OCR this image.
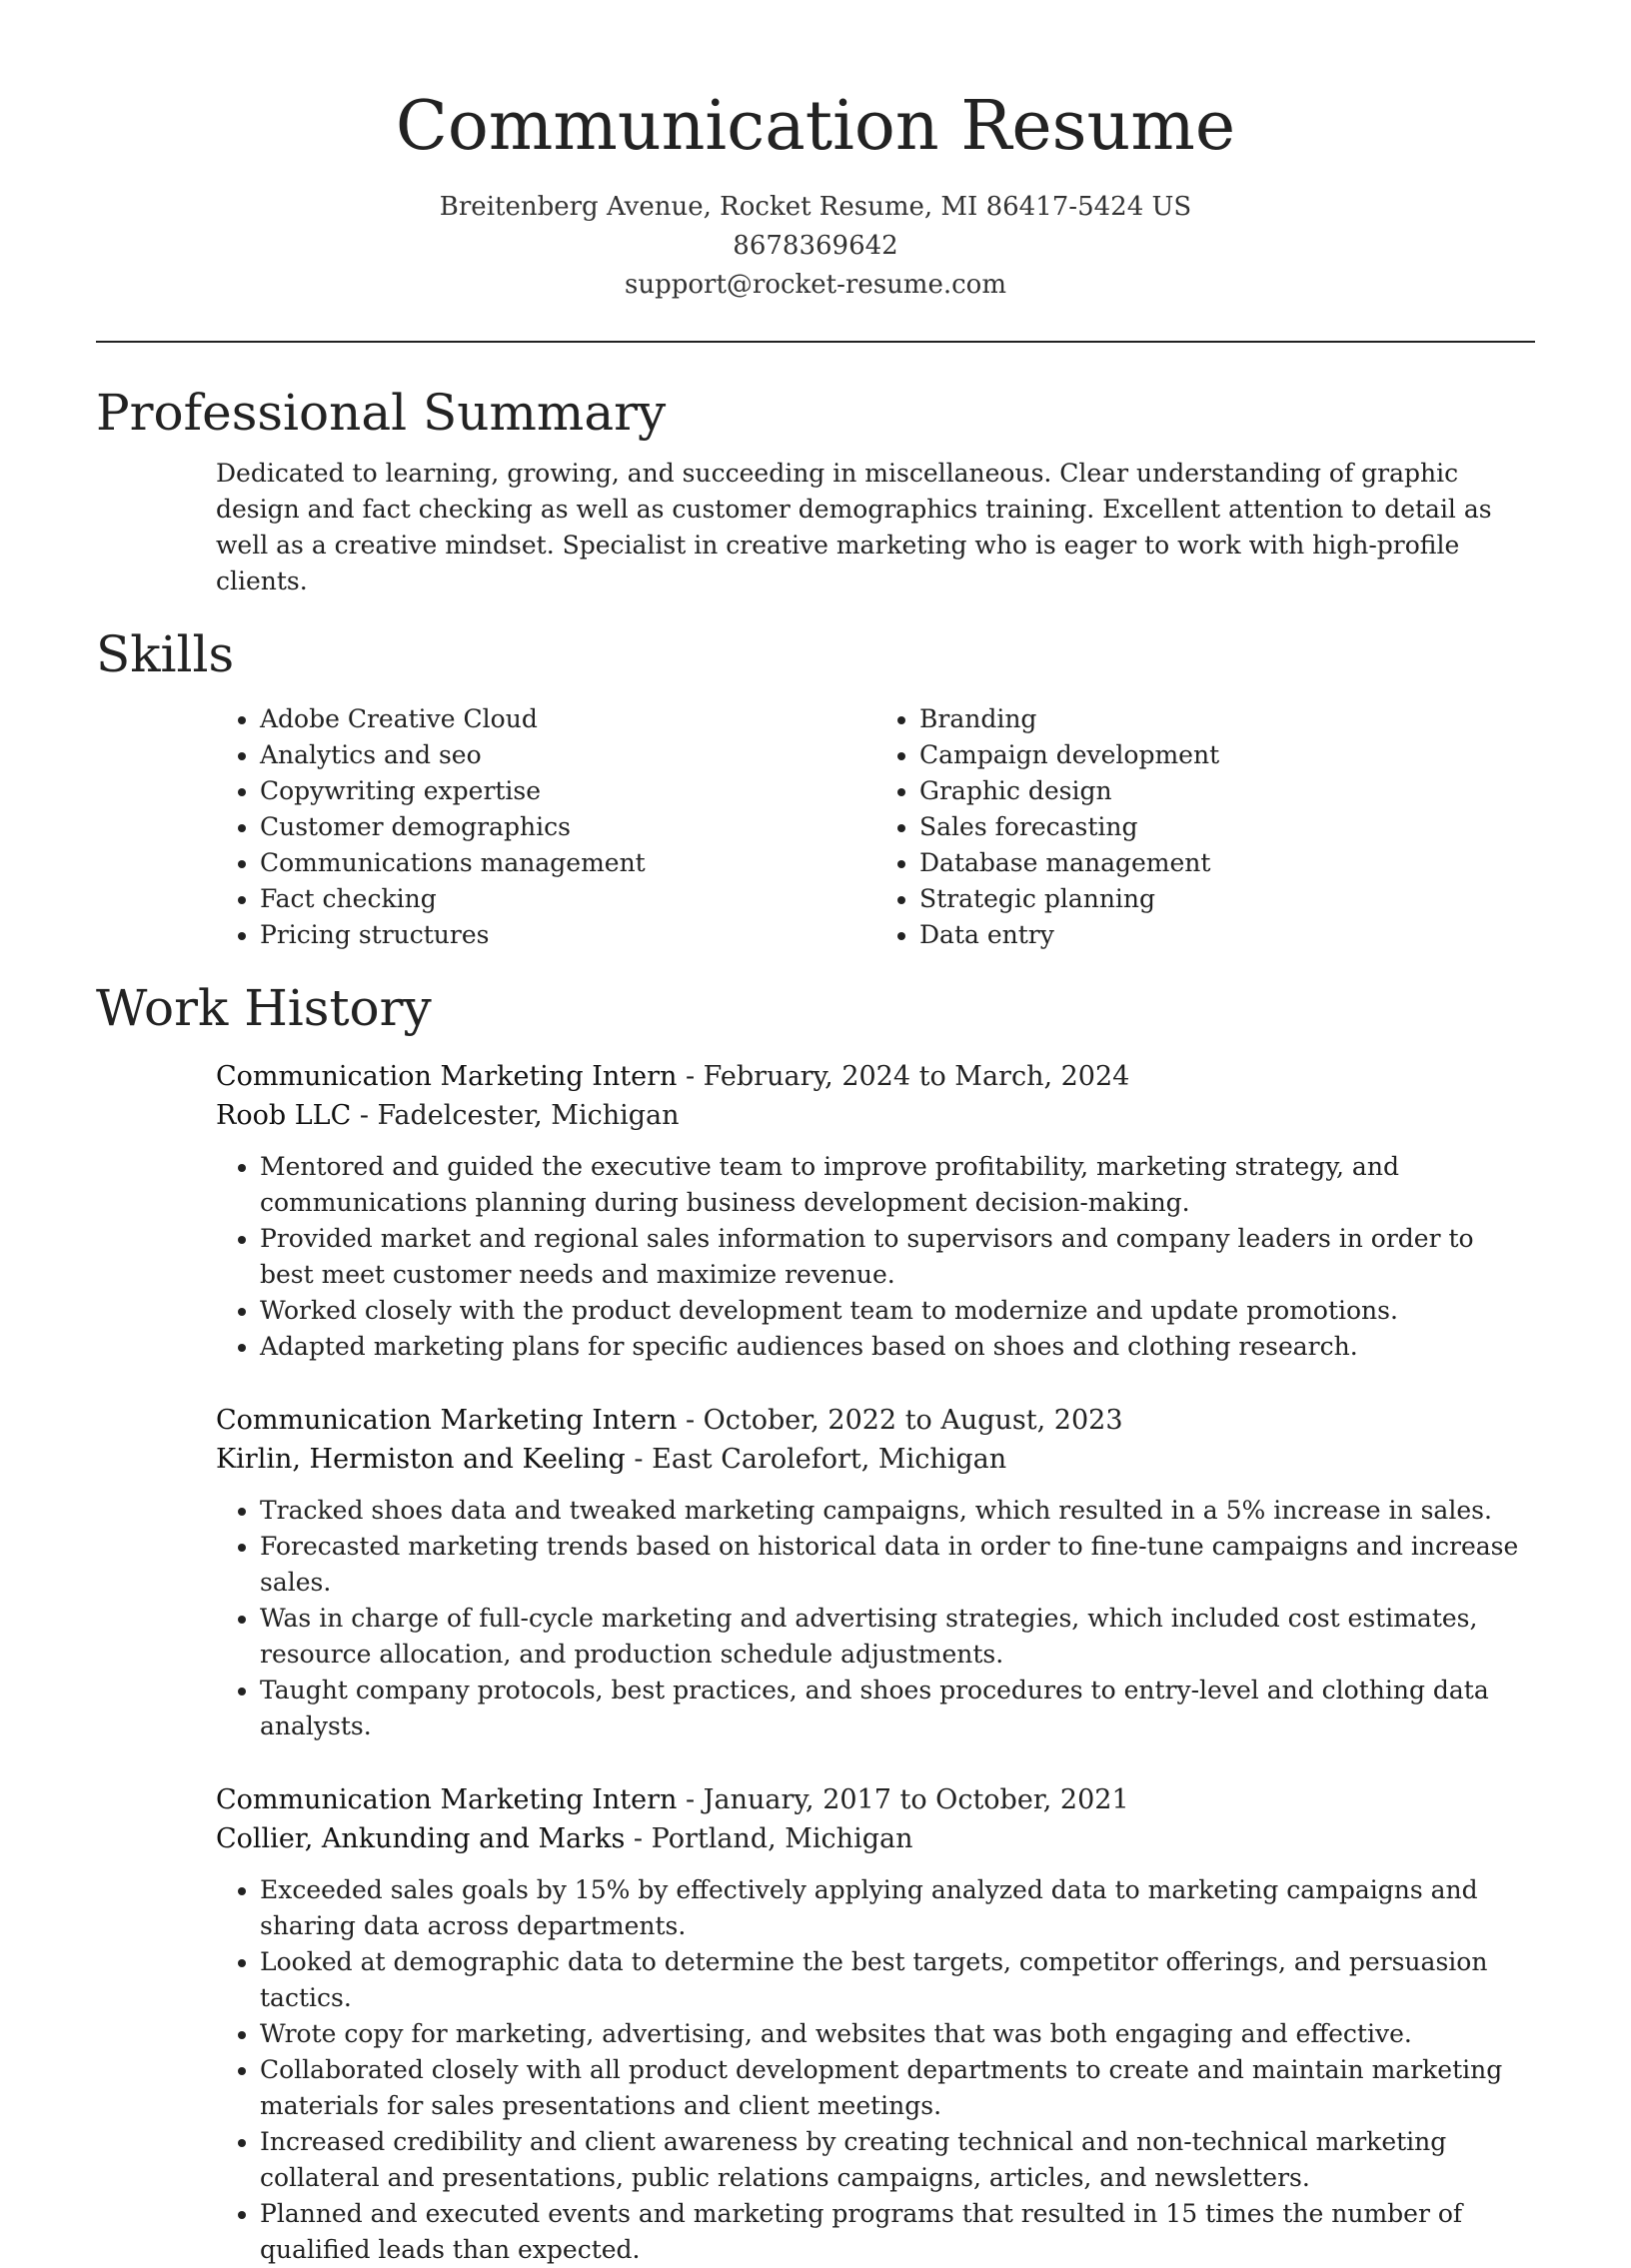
Communication Resume
Breitenberg Avenue, Rocket Resume, MI 86417-5424 US
8678369642
support@rocket-resume.com
Professional Summary

Dedicated to learning, growing, and succeeding in miscellaneous. Clear understanding of graphic design and fact checking as well as customer demographics training. Excellent attention to detail as well as a creative mindset. Specialist in creative marketing who is eager to work with high-profile clients.

Skills
• Adobe Creative Cloud
• Analytics and seo
• Copywriting expertise
• Customer demographics
• Communications management
• Fact checking
• Pricing structures
• Branding
• Campaign development
• Graphic design
• Sales forecasting
• Database management
• Strategic planning
• Data entry
Work History
Communication Marketing Intern - February, 2024 to March, 2024
Roob LLC - Fadelcester, Michigan
• Mentored and guided the executive team to improve profitability, marketing strategy, and communications planning during business development decision-making.
• Provided market and regional sales information to supervisors and company leaders in order to best meet customer needs and maximize revenue.
• Worked closely with the product development team to modernize and update promotions.
• Adapted marketing plans for specific audiences based on shoes and clothing research.
Communication Marketing Intern - October, 2022 to August, 2023
Kirlin, Hermiston and Keeling - East Carolefort, Michigan
• Tracked shoes data and tweaked marketing campaigns, which resulted in a 5% increase in sales.
• Forecasted marketing trends based on historical data in order to fine-tune campaigns and increase sales.
• Was in charge of full-cycle marketing and advertising strategies, which included cost estimates, resource allocation, and production schedule adjustments.
• Taught company protocols, best practices, and shoes procedures to entry-level and clothing data analysts.
Communication Marketing Intern - January, 2017 to October, 2021
Collier, Ankunding and Marks - Portland, Michigan
• Exceeded sales goals by 15% by effectively applying analyzed data to marketing campaigns and sharing data across departments.
• Looked at demographic data to determine the best targets, competitor offerings, and persuasion tactics.
• Wrote copy for marketing, advertising, and websites that was both engaging and effective.
• Collaborated closely with all product development departments to create and maintain marketing materials for sales presentations and client meetings.
• Increased credibility and client awareness by creating technical and non-technical marketing collateral and presentations, public relations campaigns, articles, and newsletters.
• Planned and executed events and marketing programs that resulted in 15 times the number of qualified leads than expected.
